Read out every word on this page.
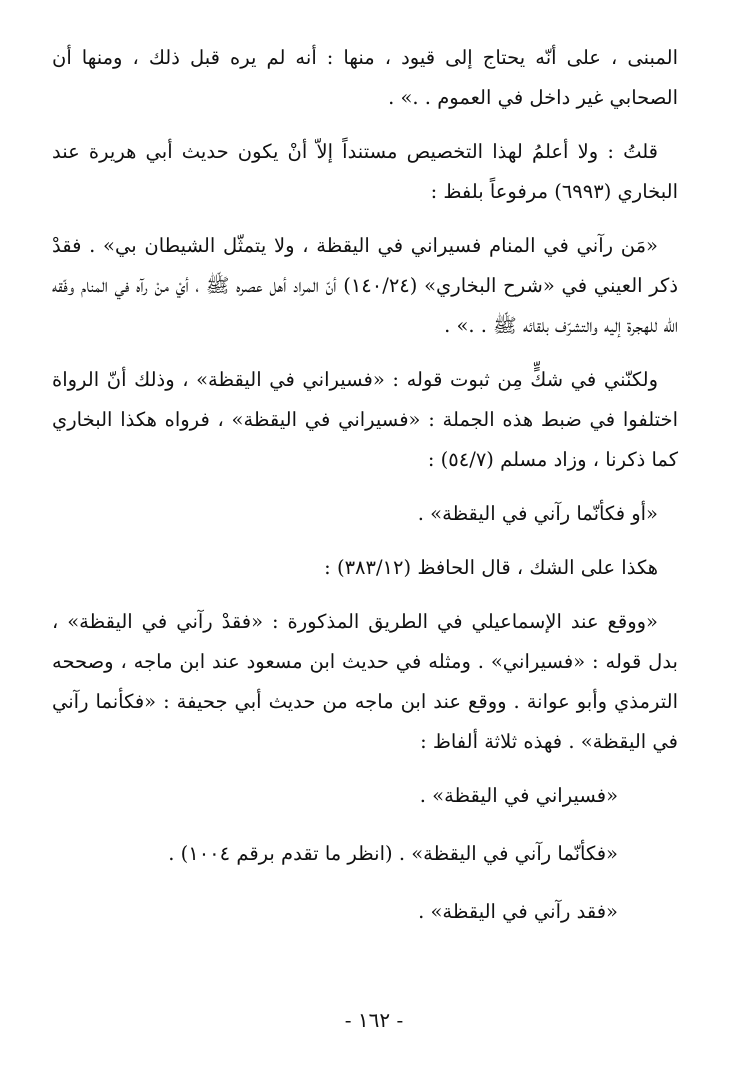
المبنى ، على أنّه يحتاج إلى قيود ، منها : أنه لم يره قبل ذلك ، ومنها أن الصحابي غير داخل في العموم . .» .

قلتُ : ولا أعلمُ لهذا التخصيص مستنداً إلاّ أنْ يكون حديث أبي هريرة عند البخاري (٦٩٩٣) مرفوعاً بلفظ :

«مَن رآني في المنام فسيراني في اليقظة ، ولا يتمثّل الشيطان بي» . فقدْ ذكر العيني في «شرح البخاري» (١٤٠/٢٤) أنّ المراد أهل عصره ﷺ ، أيْ منْ رآه في المنام وفّقه اللّه للهجرة إليه والتشرّف بلقائه ﷺ . .» .

ولكنّني في شكٍّ مِن ثبوت قوله : «فسيراني في اليقظة» ، وذلك أنّ الرواة اختلفوا في ضبط هذه الجملة : «فسيراني في اليقظة» ، فرواه هكذا البخاري كما ذكرنا ، وزاد مسلم (٥٤/٧) :

«أو فكأنّما رآني في اليقظة» .

هكذا على الشك ، قال الحافظ (٣٨٣/١٢) :

«ووقع عند الإسماعيلي في الطريق المذكورة : «فقدْ رآني في اليقظة» ، بدل قوله : «فسيراني» . ومثله في حديث ابن مسعود عند ابن ماجه ، وصححه الترمذي وأبو عوانة . ووقع عند ابن ماجه من حديث أبي جحيفة : «فكأنما رآني في اليقظة» . فهذه ثلاثة ألفاظ :

«فسيراني في اليقظة» .

«فكأنّما رآني في اليقظة» . (انظر ما تقدم برقم ١٠٠٤) .

«فقد رآني في اليقظة» .

- ١٦٢ -
